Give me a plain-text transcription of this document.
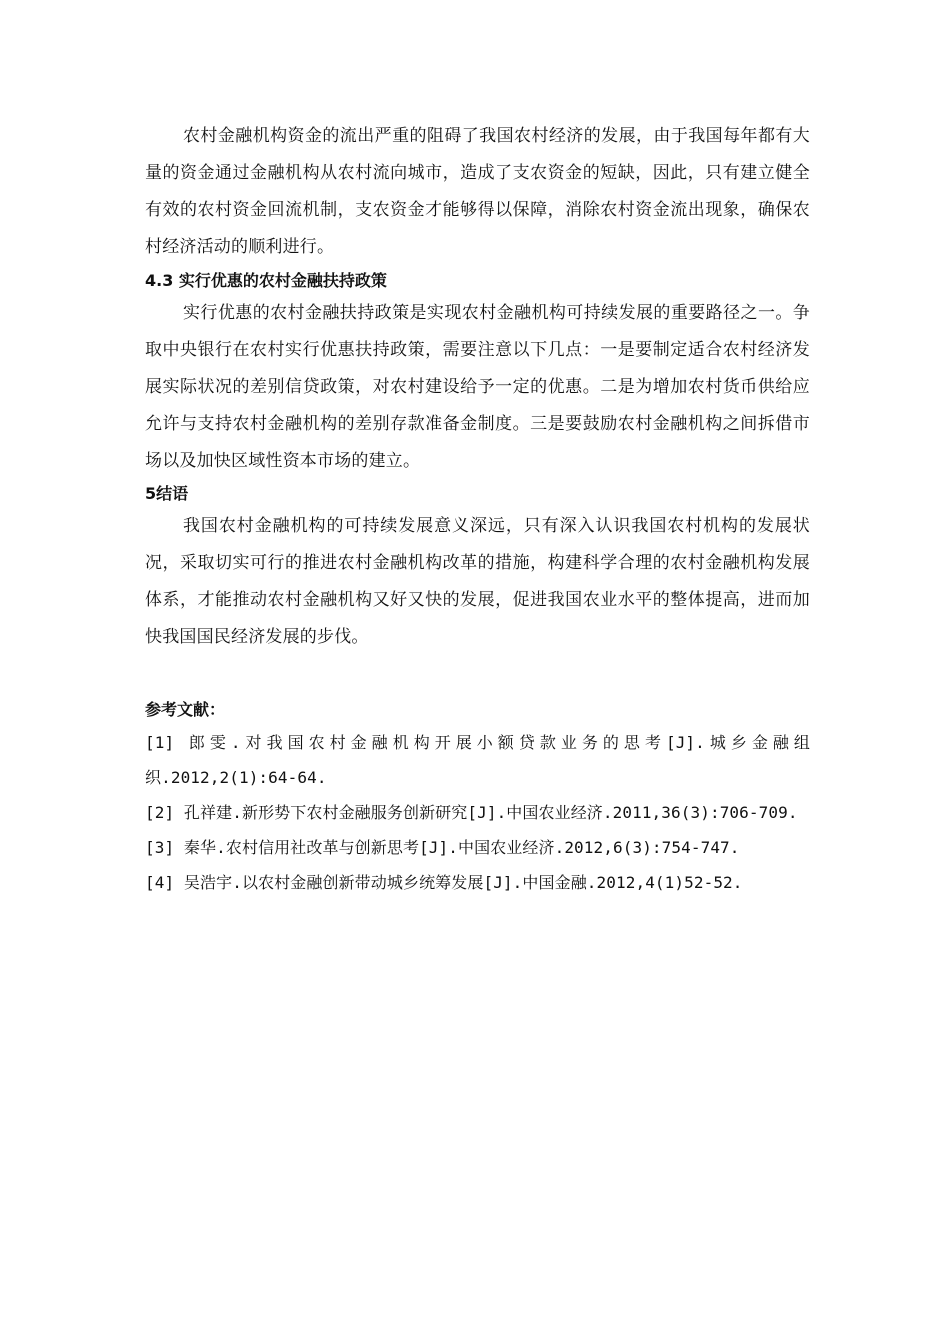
农村金融机构资金的流出严重的阻碍了我国农村经济的发展，由于我国每年都有大量的资金通过金融机构从农村流向城市，造成了支农资金的短缺，因此，只有建立健全有效的农村资金回流机制，支农资金才能够得以保障，消除农村资金流出现象，确保农村经济活动的顺利进行。

4.3 实行优惠的农村金融扶持政策

实行优惠的农村金融扶持政策是实现农村金融机构可持续发展的重要路径之一。争取中央银行在农村实行优惠扶持政策，需要注意以下几点：一是要制定适合农村经济发展实际状况的差别信贷政策，对农村建设给予一定的优惠。二是为增加农村货币供给应允许与支持农村金融机构的差别存款准备金制度。三是要鼓励农村金融机构之间拆借市场以及加快区域性资本市场的建立。

5结语

我国农村金融机构的可持续发展意义深远，只有深入认识我国农村机构的发展状况，采取切实可行的推进农村金融机构改革的措施，构建科学合理的农村金融机构发展体系，才能推动农村金融机构又好又快的发展，促进我国农业水平的整体提高，进而加快我国国民经济发展的步伐。

参考文献：

[1] 郎雯.对我国农村金融机构开展小额贷款业务的思考[J].城乡金融组织.2012,2(1):64-64.

[2] 孔祥建.新形势下农村金融服务创新研究[J].中国农业经济.2011,36(3):706-709.

[3] 秦华.农村信用社改革与创新思考[J].中国农业经济.2012,6(3):754-747.

[4] 吴浩宇.以农村金融创新带动城乡统筹发展[J].中国金融.2012,4(1)52-52.
